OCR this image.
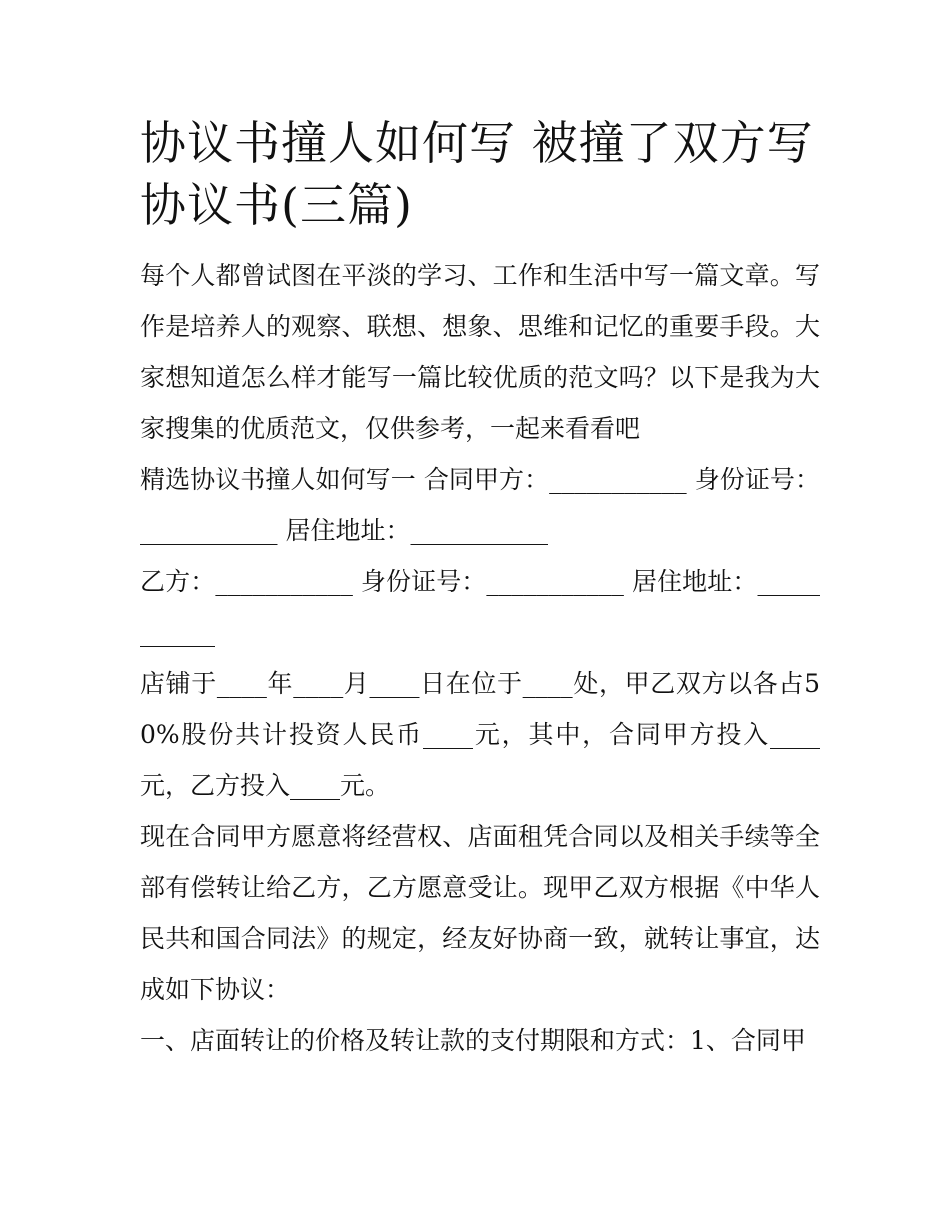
协议书撞人如何写 被撞了双方写协议书(三篇)

每个人都曾试图在平淡的学习、工作和生活中写一篇文章。写作是培养人的观察、联想、想象、思维和记忆的重要手段。大家想知道怎么样才能写一篇比较优质的范文吗？以下是我为大家搜集的优质范文，仅供参考，一起来看看吧

精选协议书撞人如何写一 合同甲方：___________ 身份证号：___________ 居住地址：___________

乙方：___________ 身份证号：___________ 居住地址：___________

店铺于____年____月____日在位于____处，甲乙双方以各占50%股份共计投资人民币____元，其中，合同甲方投入____元，乙方投入____元。

现在合同甲方愿意将经营权、店面租凭合同以及相关手续等全部有偿转让给乙方，乙方愿意受让。现甲乙双方根据《中华人民共和国合同法》的规定，经友好协商一致，就转让事宜，达成如下协议：

一、店面转让的价格及转让款的支付期限和方式：1、合同甲
